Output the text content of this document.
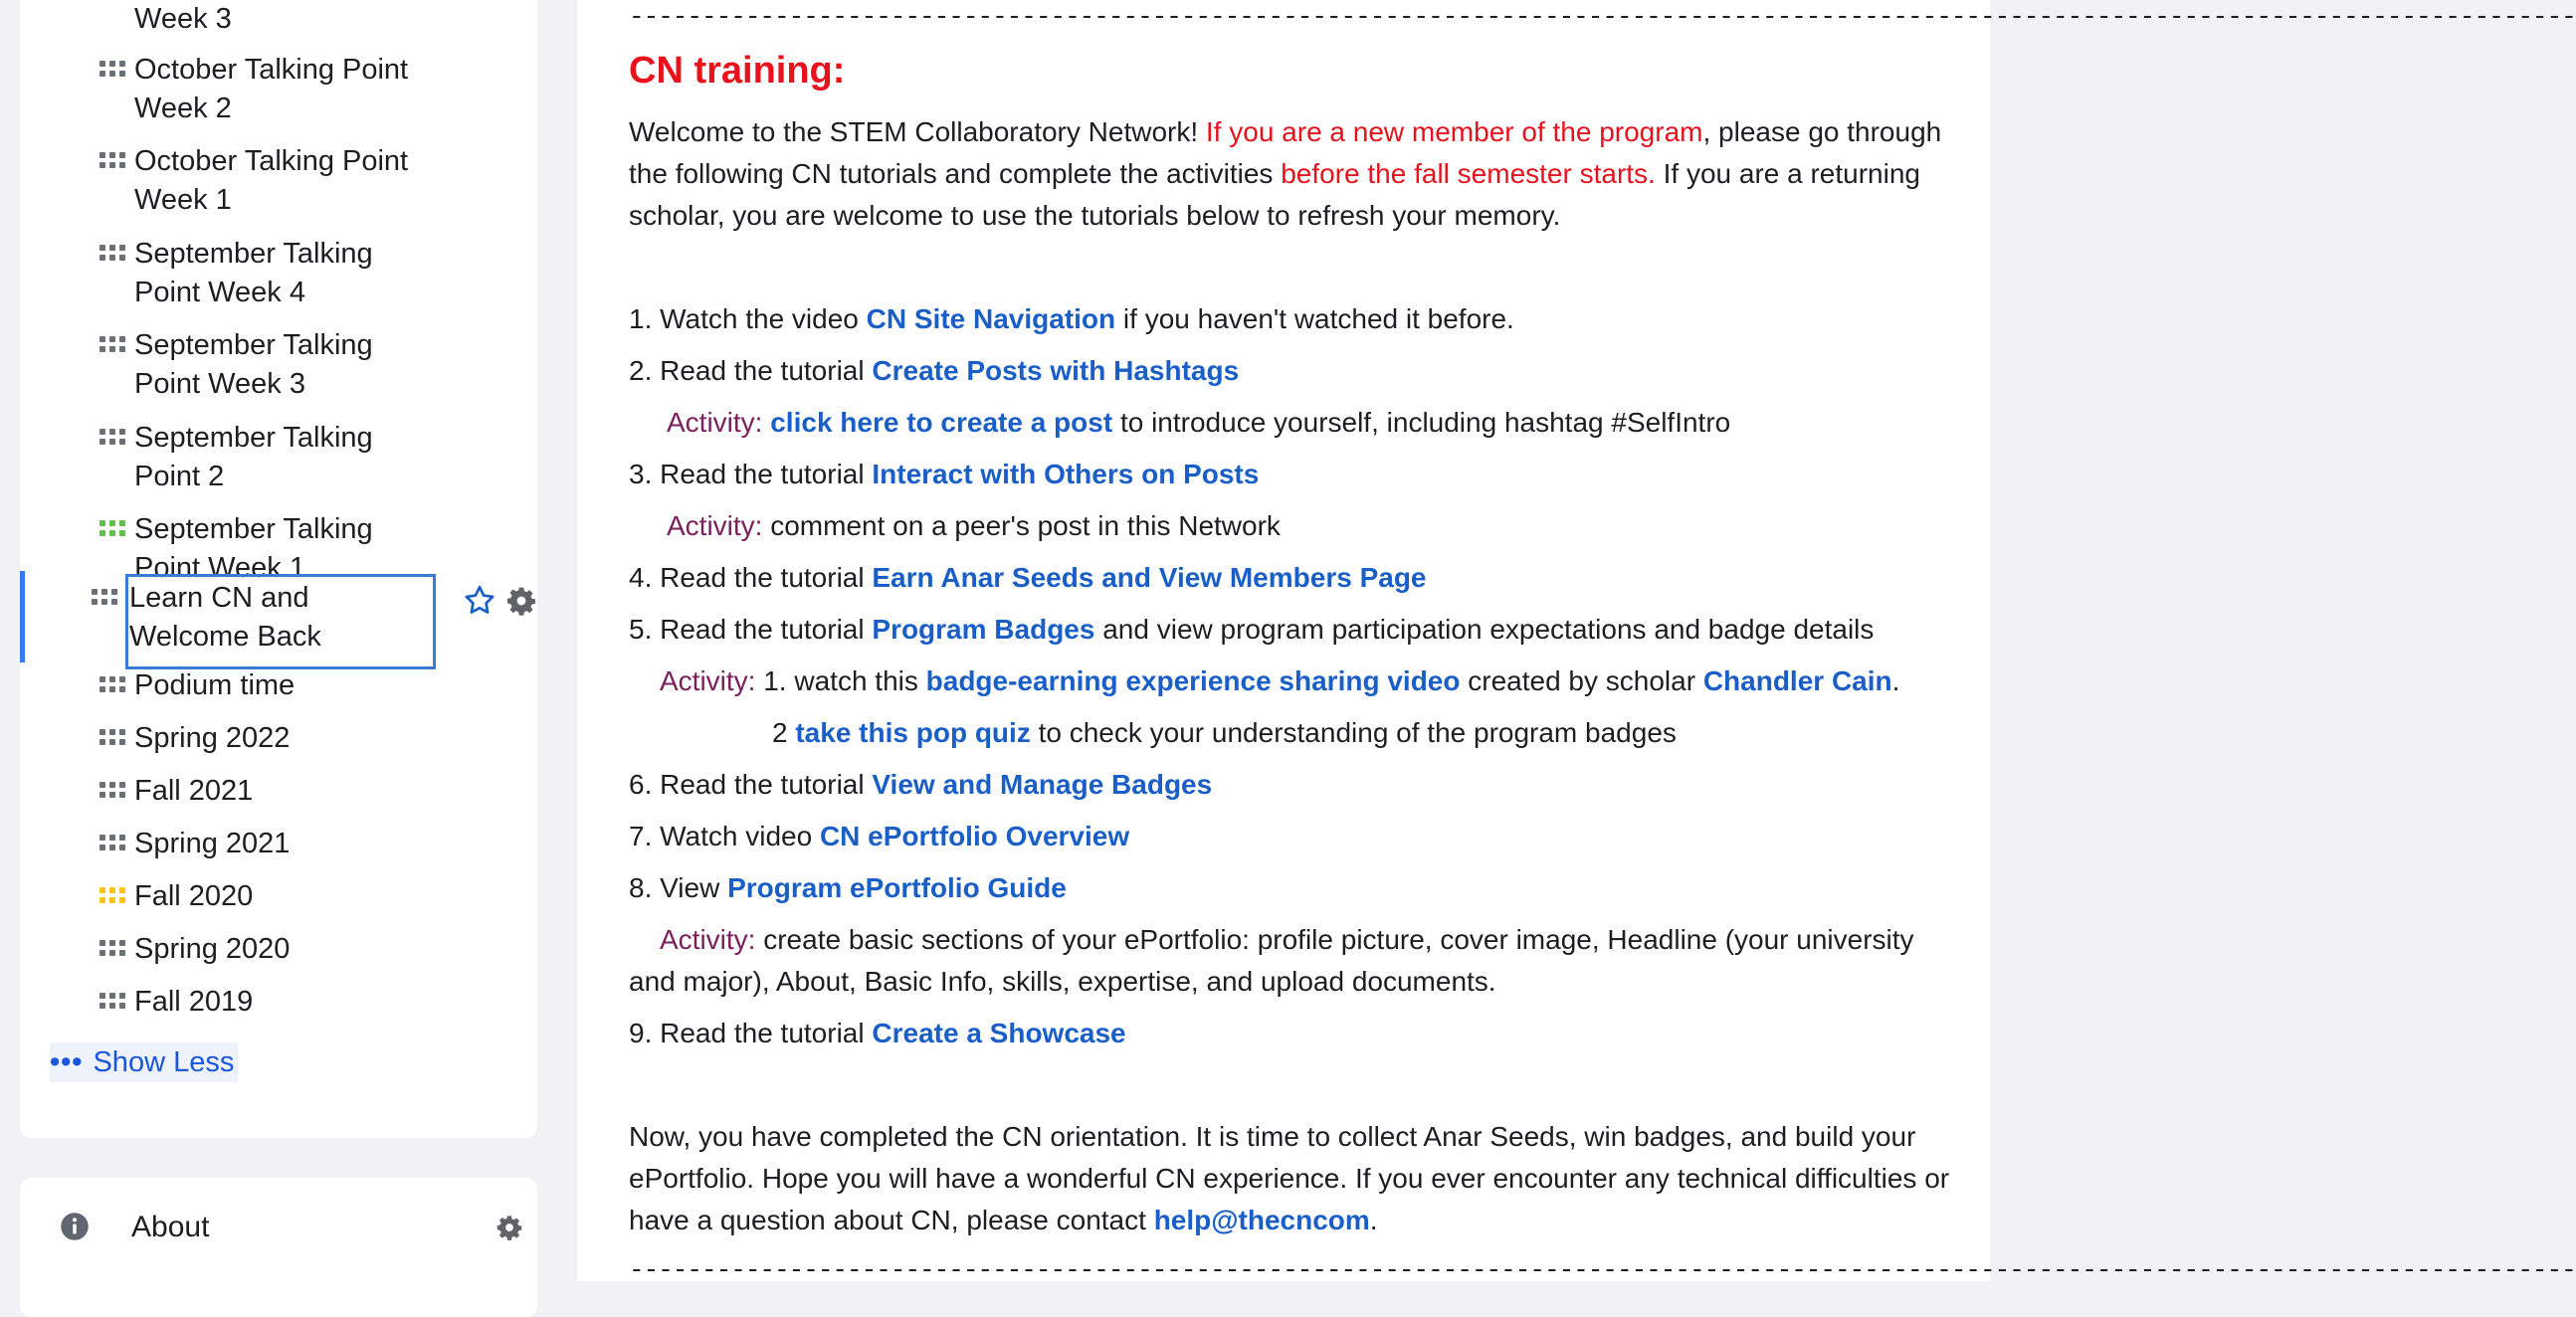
Week 3
October Talking Point
Week 2
October Talking Point
Week 1
September Talking
Point Week 4
September Talking
Point Week 3
September Talking
Point 2
September Talking
Point Week 1
Learn CN and
Welcome Back
Podium time
Spring 2022
Fall 2021
Spring 2021
Fall 2020
Spring 2020
Fall 2019
••• Show Less
About
--------------------------------------------------------------------------------------------------------------------------------------
CN training:
Welcome to the STEM Collaboratory Network! If you are a new member of the program, please go through the following CN tutorials and complete the activities before the fall semester starts. If you are a returning scholar, you are welcome to use the tutorials below to refresh your memory.
1. Watch the video CN Site Navigation if you haven't watched it before.
2. Read the tutorial Create Posts with Hashtags
Activity: click here to create a post to introduce yourself, including hashtag #SelfIntro
3. Read the tutorial Interact with Others on Posts
Activity: comment on a peer's post in this Network
4. Read the tutorial Earn Anar Seeds and View Members Page
5. Read the tutorial Program Badges and view program participation expectations and badge details
Activity: 1. watch this badge-earning experience sharing video created by scholar Chandler Cain.
2 take this pop quiz to check your understanding of the program badges
6. Read the tutorial View and Manage Badges
7. Watch video CN ePortfolio Overview
8. View Program ePortfolio Guide
Activity: create basic sections of your ePortfolio: profile picture, cover image, Headline (your university and major), About, Basic Info, skills, expertise, and upload documents.
9. Read the tutorial Create a Showcase
Now, you have completed the CN orientation. It is time to collect Anar Seeds, win badges, and build your ePortfolio. Hope you will have a wonderful CN experience. If you ever encounter any technical difficulties or have a question about CN, please contact help@thecncom.
--------------------------------------------------------------------------------------------------------------------------------------
